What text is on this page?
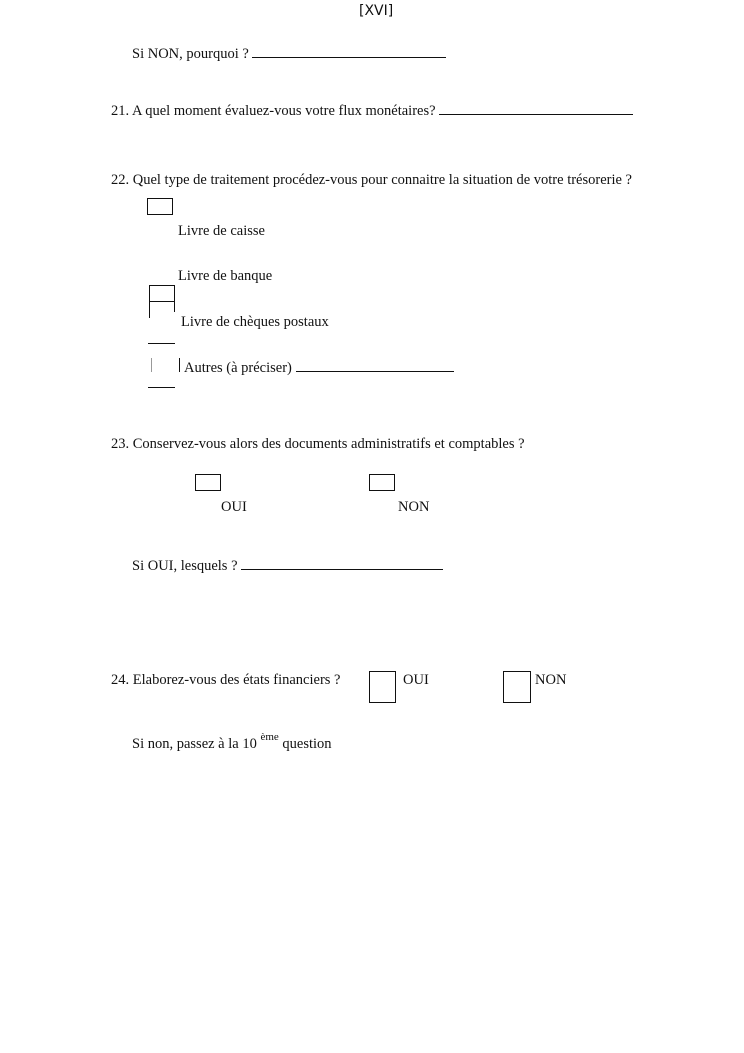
[XVI]
Si NON, pourquoi ?
21. A quel moment évaluez-vous votre flux monétaires?
22. Quel type de traitement procédez-vous pour connaitre la situation de votre trésorerie ?
Livre de caisse
Livre de banque
Livre de chèques postaux
Autres (à préciser)
23. Conservez-vous alors des documents administratifs et comptables ?
OUI	NON
Si OUI, lesquels ?
24. Elaborez-vous des états financiers ?	OUI	NON
Si non, passez à la 10 $^{ème}$ question
